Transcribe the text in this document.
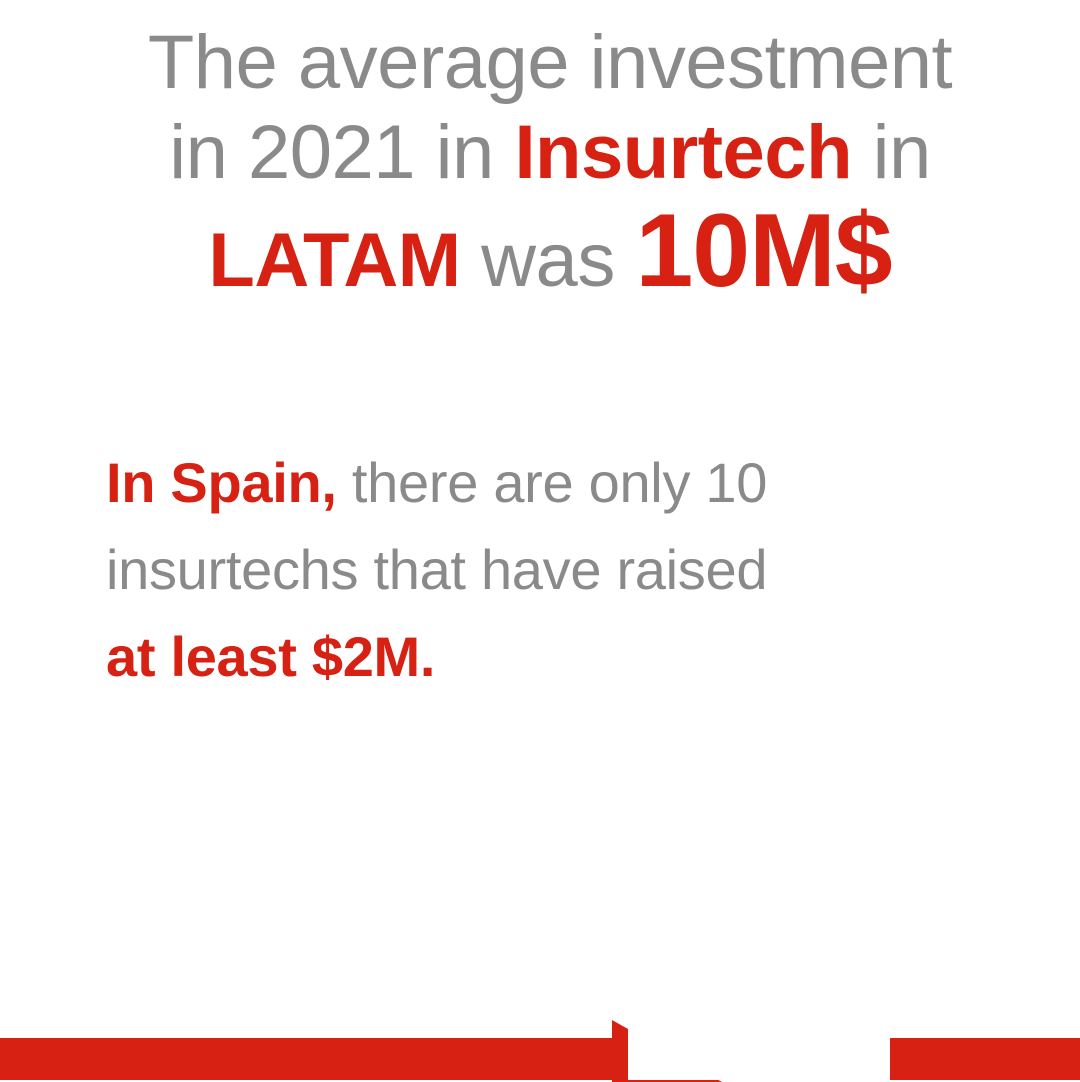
The average investment
in 2021 in Insurtech in
LATAM was 10M$
In Spain, there are only 10
insurtechs that have raised
at least $2M.
